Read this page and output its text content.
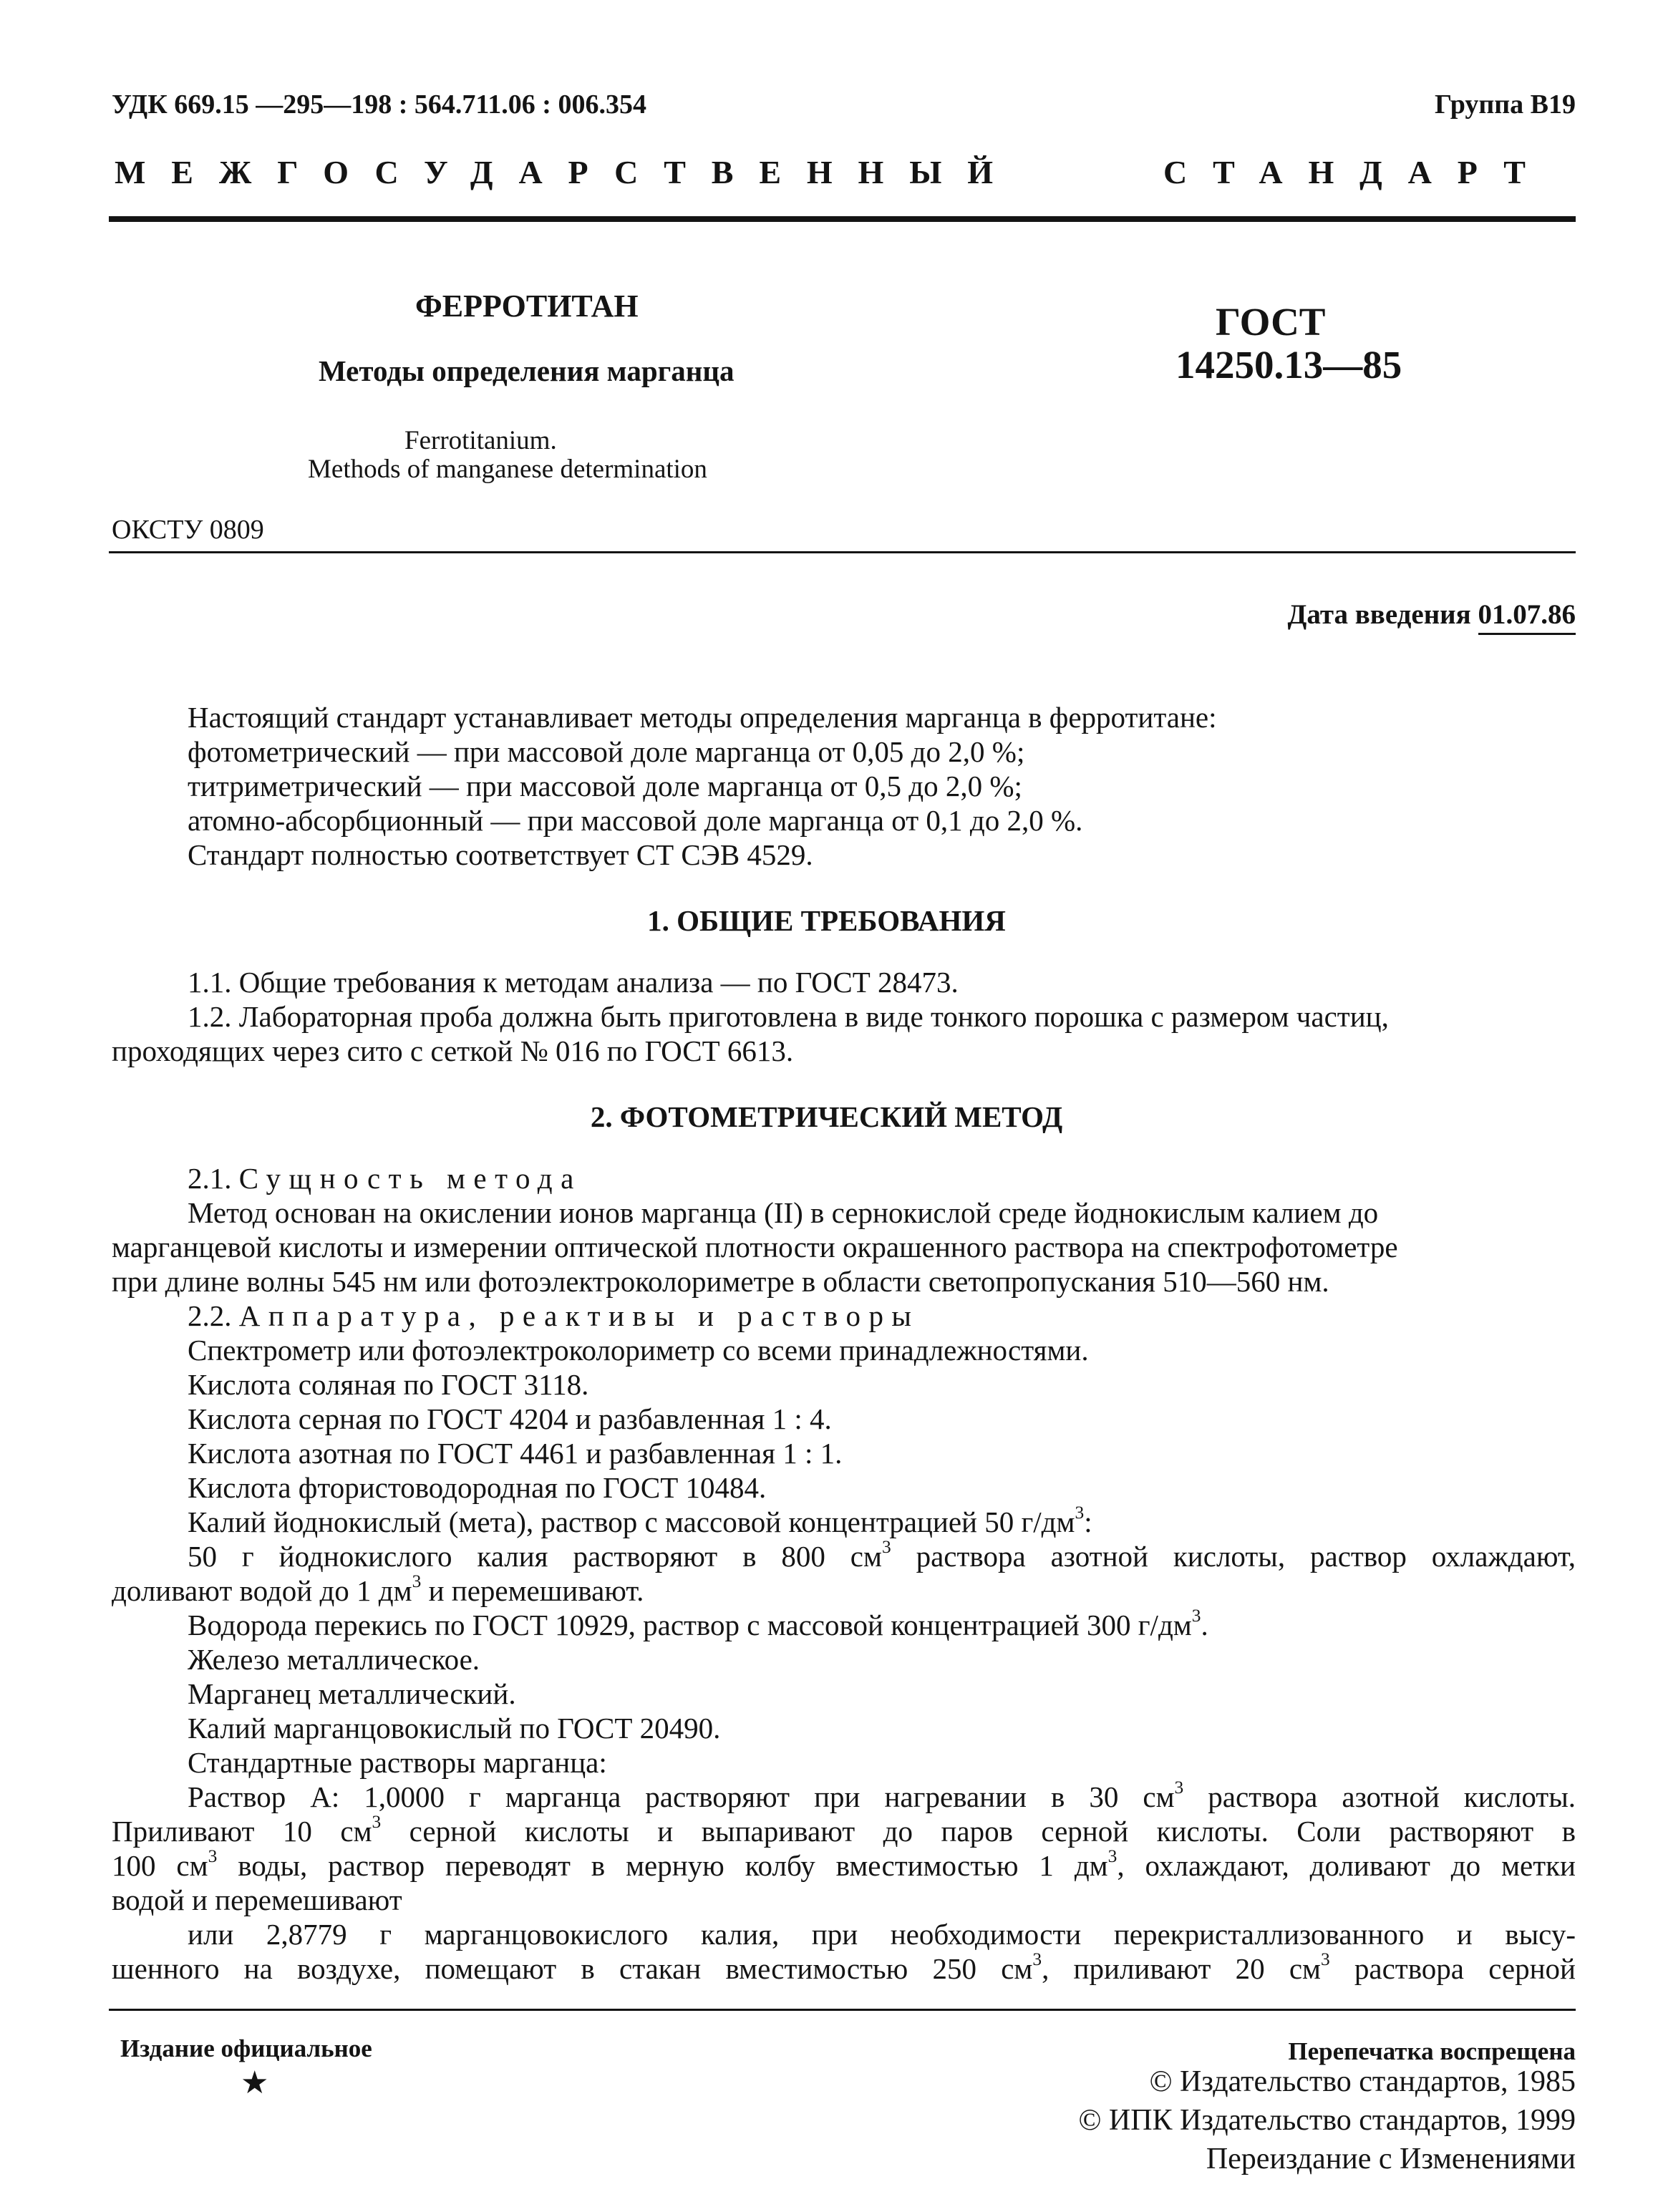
УДК 669.15 —295—198 : 564.711.06 : 006.354	Группа В19
МЕЖГОСУДАРСТВЕННЫЙ	СТАНДАРТ
ФЕРРОТИТАН
Методы определения марганца
Ferrotitanium.
Methods of manganese determination
ГОСТ
14250.13—85
ОКСТУ 0809
Дата введения 01.07.86
Настоящий стандарт устанавливает методы определения марганца в ферротитане:
фотометрический — при массовой доле марганца от 0,05 до 2,0 %;
титриметрический — при массовой доле марганца от 0,5 до 2,0 %;
атомно-абсорбционный — при массовой доле марганца от 0,1 до 2,0 %.
Стандарт полностью соответствует СТ СЭВ 4529.
1. ОБЩИЕ ТРЕБОВАНИЯ
1.1. Общие требования к методам анализа — по ГОСТ 28473.
1.2. Лабораторная проба должна быть приготовлена в виде тонкого порошка с размером частиц,
проходящих через сито с сеткой № 016 по ГОСТ 6613.
2. ФОТОМЕТРИЧЕСКИЙ МЕТОД
2.1. Сущность метода
Метод основан на окислении ионов марганца (II) в сернокислой среде йоднокислым калием до
марганцевой кислоты и измерении оптической плотности окрашенного раствора на спектрофотометре
при длине волны 545 нм или фотоэлектроколориметре в области светопропускания 510—560 нм.
2.2. Аппаратура, реактивы и растворы
Спектрометр или фотоэлектроколориметр со всеми принадлежностями.
Кислота соляная по ГОСТ 3118.
Кислота серная по ГОСТ 4204 и разбавленная 1 : 4.
Кислота азотная по ГОСТ 4461 и разбавленная 1 : 1.
Кислота фтористоводородная по ГОСТ 10484.
Калий йоднокислый (мета), раствор с массовой концентрацией 50 $г/дм^3$:
50 г йоднокислого калия растворяют в 800 $см^3$ раствора азотной кислоты, раствор охлаждают,
доливают водой до 1 $дм^3$ и перемешивают.
Водорода перекись по ГОСТ 10929, раствор с массовой концентрацией 300 $г/дм^3$.
Железо металлическое.
Марганец металлический.
Калий марганцовокислый по ГОСТ 20490.
Стандартные растворы марганца:
Раствор А: 1,0000 г марганца растворяют при нагревании в 30 $см^3$ раствора азотной кислоты.
Приливают 10 $см^3$ серной кислоты и выпаривают до паров серной кислоты. Соли растворяют в
100 $см^3$ воды, раствор переводят в мерную колбу вместимостью 1 $дм^3$, охлаждают, доливают до метки
водой и перемешивают
или 2,8779 г марганцовокислого калия, при необходимости перекристаллизованного и высу-
шенного на воздухе, помещают в стакан вместимостью 250 $см^3$, приливают 20 $см^3$ раствора серной
Издание официальное
★
Перепечатка воспрещена
© Издательство стандартов, 1985
© ИПК Издательство стандартов, 1999
Переиздание с Изменениями
